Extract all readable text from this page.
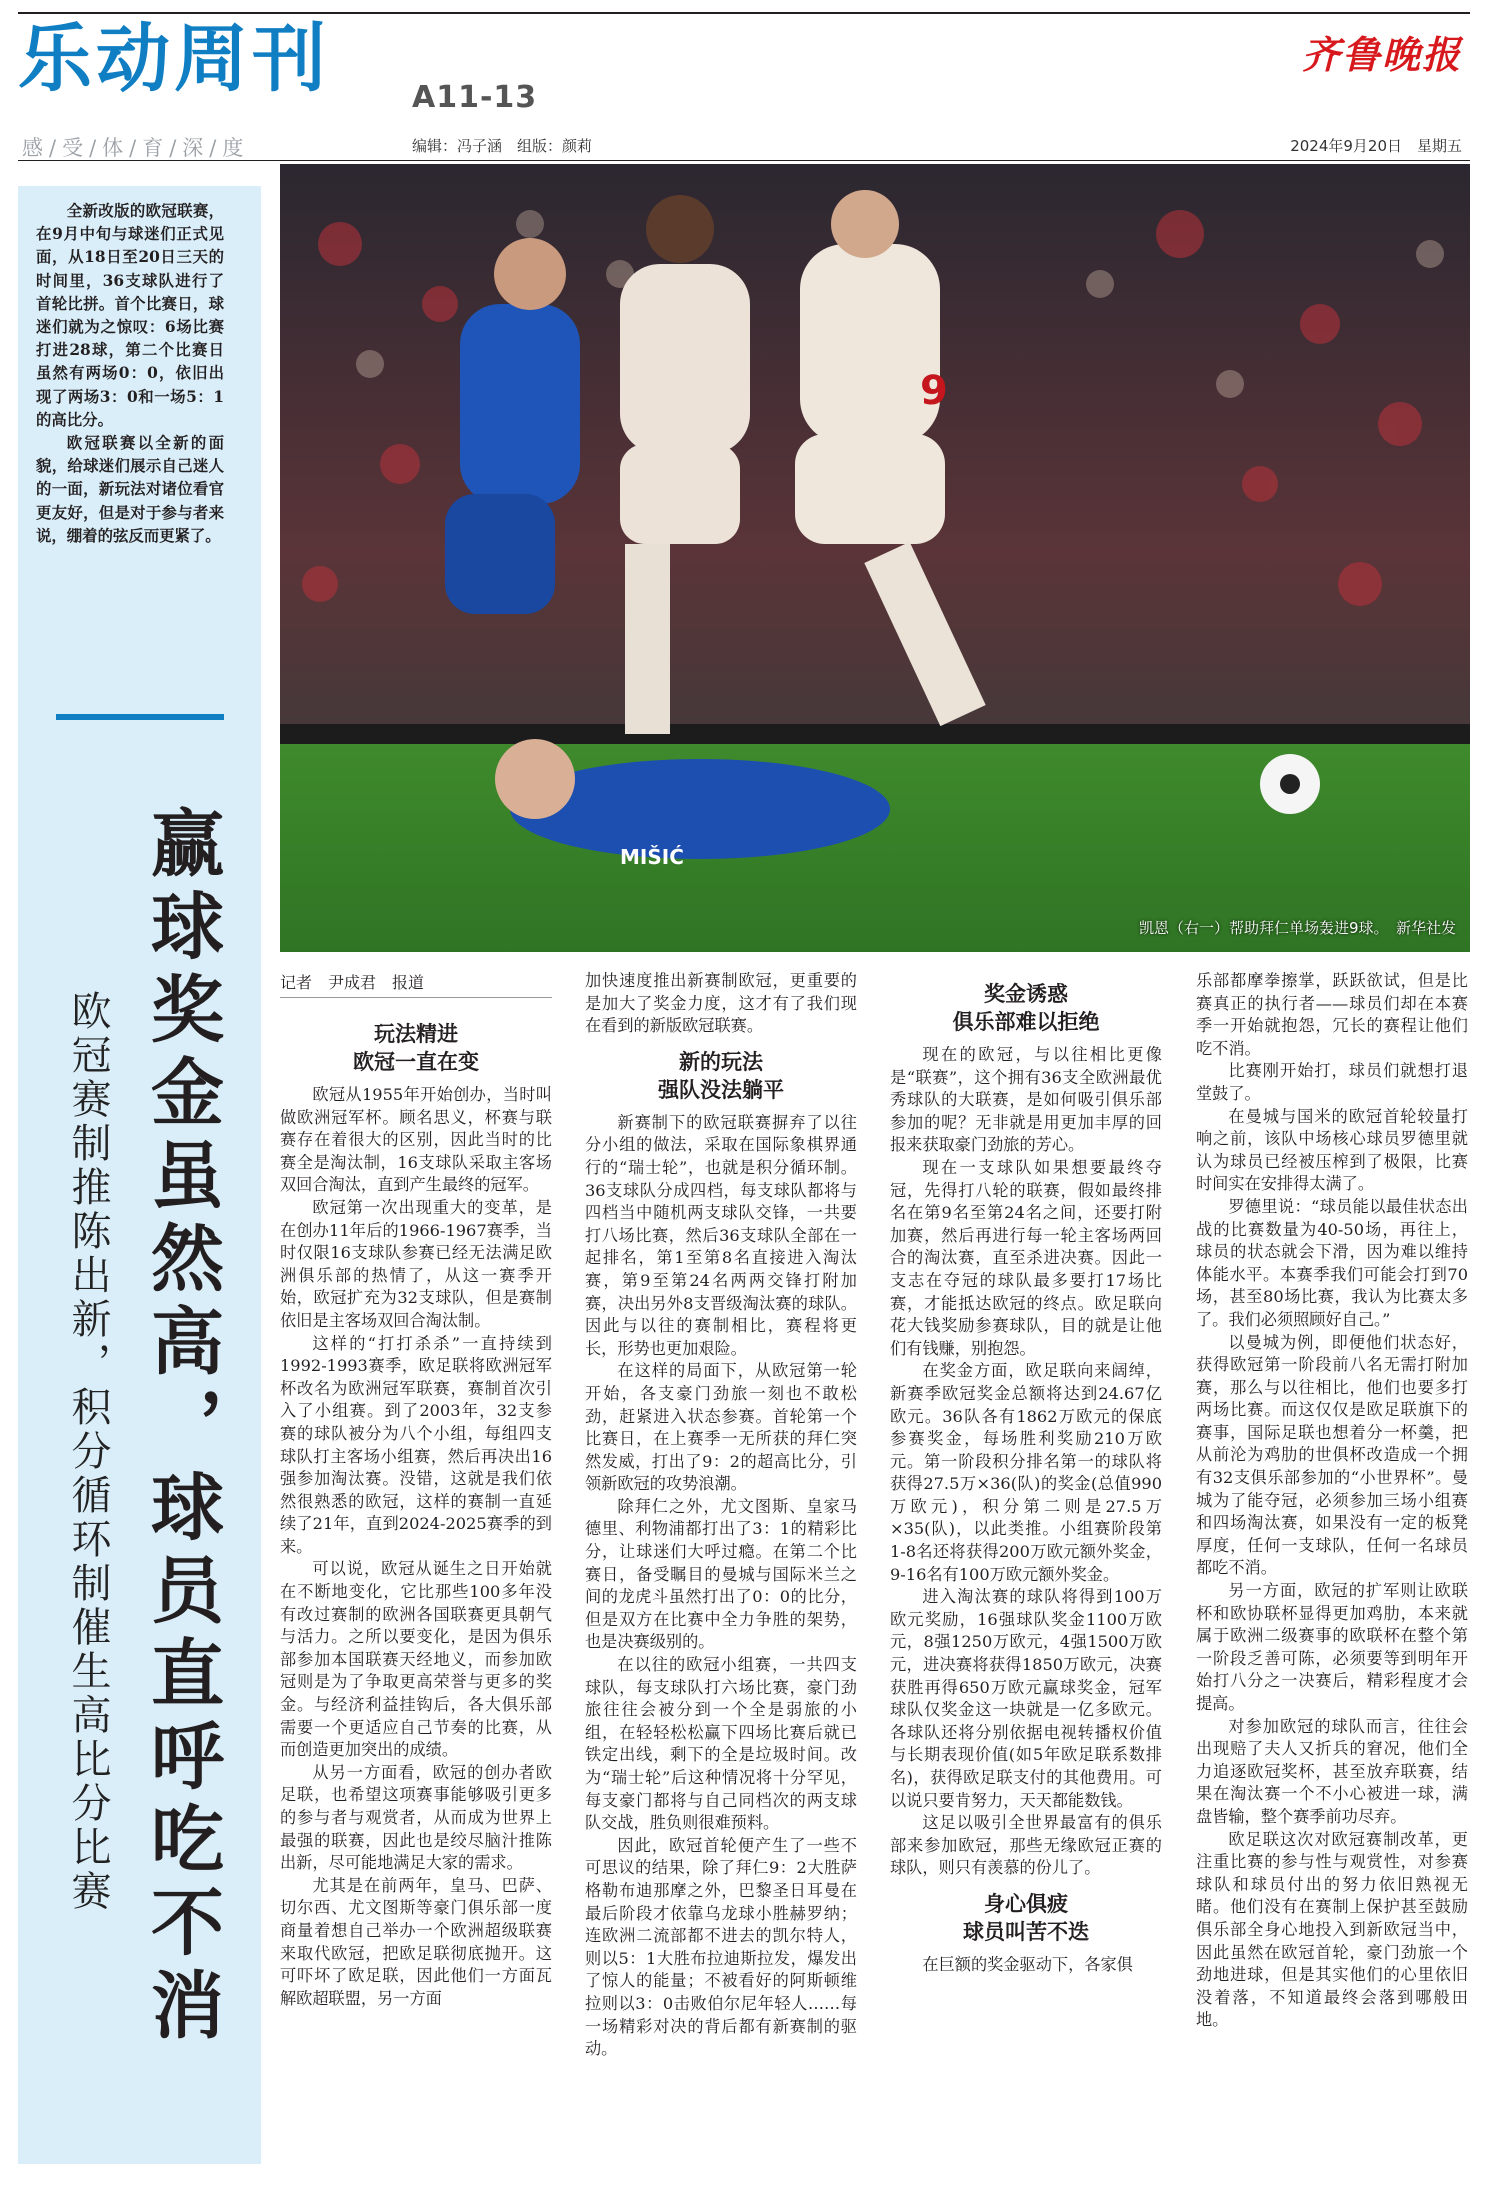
乐动周刊	A11-13
感/受/体/育/深/度	编辑：冯子涵　组版：颜莉
齐鲁晚报
2024年9月20日　星期五

全新改版的欧冠联赛，在9月中旬与球迷们正式见面，从18日至20日三天的时间里，36支球队进行了首轮比拼。首个比赛日，球迷们就为之惊叹：6场比赛打进28球，第二个比赛日虽然有两场0：0，依旧出现了两场3：0和一场5：1的高比分。

欧冠联赛以全新的面貌，给球迷们展示自己迷人的一面，新玩法对诸位看官更友好，但是对于参与者来说，绷着的弦反而更紧了。

赢球奖金虽然高，球员直呼吃不消
欧冠赛制推陈出新，积分循环制催生高比分比赛
MIŠIĆ
9
凯恩（右一）帮助拜仁单场轰进9球。　新华社发
记者　尹成君　报道
玩法精进
欧冠一直在变

欧冠从1955年开始创办，当时叫做欧洲冠军杯。顾名思义，杯赛与联赛存在着很大的区别，因此当时的比赛全是淘汰制，16支球队采取主客场双回合淘汰，直到产生最终的冠军。

欧冠第一次出现重大的变革，是在创办11年后的1966-1967赛季，当时仅限16支球队参赛已经无法满足欧洲俱乐部的热情了，从这一赛季开始，欧冠扩充为32支球队，但是赛制依旧是主客场双回合淘汰制。

这样的“打打杀杀”一直持续到1992-1993赛季，欧足联将欧洲冠军杯改名为欧洲冠军联赛，赛制首次引入了小组赛。到了2003年，32支参赛的球队被分为八个小组，每组四支球队打主客场小组赛，然后再决出16强参加淘汰赛。没错，这就是我们依然很熟悉的欧冠，这样的赛制一直延续了21年，直到2024-2025赛季的到来。

可以说，欧冠从诞生之日开始就在不断地变化，它比那些100多年没有改过赛制的欧洲各国联赛更具朝气与活力。之所以要变化，是因为俱乐部参加本国联赛天经地义，而参加欧冠则是为了争取更高荣誉与更多的奖金。与经济利益挂钩后，各大俱乐部需要一个更适应自己节奏的比赛，从而创造更加突出的成绩。

从另一方面看，欧冠的创办者欧足联，也希望这项赛事能够吸引更多的参与者与观赏者，从而成为世界上最强的联赛，因此也是绞尽脑汁推陈出新，尽可能地满足大家的需求。

尤其是在前两年，皇马、巴萨、切尔西、尤文图斯等豪门俱乐部一度商量着想自己举办一个欧洲超级联赛来取代欧冠，把欧足联彻底抛开。这可吓坏了欧足联，因此他们一方面瓦解欧超联盟，另一方面

加快速度推出新赛制欧冠，更重要的是加大了奖金力度，这才有了我们现在看到的新版欧冠联赛。

新的玩法
强队没法躺平

新赛制下的欧冠联赛摒弃了以往分小组的做法，采取在国际象棋界通行的“瑞士轮”，也就是积分循环制。36支球队分成四档，每支球队都将与四档当中随机两支球队交锋，一共要打八场比赛，然后36支球队全部在一起排名，第1至第8名直接进入淘汰赛，第9至第24名两两交锋打附加赛，决出另外8支晋级淘汰赛的球队。因此与以往的赛制相比，赛程将更长，形势也更加艰险。

在这样的局面下，从欧冠第一轮开始，各支豪门劲旅一刻也不敢松劲，赶紧进入状态参赛。首轮第一个比赛日，在上赛季一无所获的拜仁突然发威，打出了9：2的超高比分，引领新欧冠的攻势浪潮。

除拜仁之外，尤文图斯、皇家马德里、利物浦都打出了3：1的精彩比分，让球迷们大呼过瘾。在第二个比赛日，备受瞩目的曼城与国际米兰之间的龙虎斗虽然打出了0：0的比分，但是双方在比赛中全力争胜的架势，也是决赛级别的。

在以往的欧冠小组赛，一共四支球队，每支球队打六场比赛，豪门劲旅往往会被分到一个全是弱旅的小组，在轻轻松松赢下四场比赛后就已铁定出线，剩下的全是垃圾时间。改为“瑞士轮”后这种情况将十分罕见，每支豪门都将与自己同档次的两支球队交战，胜负则很难预料。

因此，欧冠首轮便产生了一些不可思议的结果，除了拜仁9：2大胜萨格勒布迪那摩之外，巴黎圣日耳曼在最后阶段才依靠乌龙球小胜赫罗纳；连欧洲二流部都不进去的凯尔特人，则以5：1大胜布拉迪斯拉发，爆发出了惊人的能量；不被看好的阿斯顿维拉则以3：0击败伯尔尼年轻人……每一场精彩对决的背后都有新赛制的驱动。

奖金诱惑
俱乐部难以拒绝

现在的欧冠，与以往相比更像是“联赛”，这个拥有36支全欧洲最优秀球队的大联赛，是如何吸引俱乐部参加的呢？无非就是用更加丰厚的回报来获取豪门劲旅的芳心。

现在一支球队如果想要最终夺冠，先得打八轮的联赛，假如最终排名在第9名至第24名之间，还要打附加赛，然后再进行每一轮主客场两回合的淘汰赛，直至杀进决赛。因此一支志在夺冠的球队最多要打17场比赛，才能抵达欧冠的终点。欧足联向花大钱奖励参赛球队，目的就是让他们有钱赚，别抱怨。

在奖金方面，欧足联向来阔绰，新赛季欧冠奖金总额将达到24.67亿欧元。36队各有1862万欧元的保底参赛奖金，每场胜利奖励210万欧元。第一阶段积分排名第一的球队将获得27.5万×36(队)的奖金(总值990万欧元)，积分第二则是27.5万×35(队)，以此类推。小组赛阶段第1-8名还将获得200万欧元额外奖金，9-16名有100万欧元额外奖金。

进入淘汰赛的球队将得到100万欧元奖励，16强球队奖金1100万欧元，8强1250万欧元，4强1500万欧元，进决赛将获得1850万欧元，决赛获胜再得650万欧元赢球奖金，冠军球队仅奖金这一块就是一亿多欧元。各球队还将分别依据电视转播权价值与长期表现价值(如5年欧足联系数排名)，获得欧足联支付的其他费用。可以说只要肯努力，天天都能数钱。

这足以吸引全世界最富有的俱乐部来参加欧冠，那些无缘欧冠正赛的球队，则只有羡慕的份儿了。

身心俱疲
球员叫苦不迭

在巨额的奖金驱动下，各家俱

乐部都摩拳擦掌，跃跃欲试，但是比赛真正的执行者——球员们却在本赛季一开始就抱怨，冗长的赛程让他们吃不消。

比赛刚开始打，球员们就想打退堂鼓了。

在曼城与国米的欧冠首轮较量打响之前，该队中场核心球员罗德里就认为球员已经被压榨到了极限，比赛时间实在安排得太满了。

罗德里说：“球员能以最佳状态出战的比赛数量为40-50场，再往上，球员的状态就会下滑，因为难以维持体能水平。本赛季我们可能会打到70场，甚至80场比赛，我认为比赛太多了。我们必须照顾好自己。”

以曼城为例，即便他们状态好，获得欧冠第一阶段前八名无需打附加赛，那么与以往相比，他们也要多打两场比赛。而这仅仅是欧足联旗下的赛事，国际足联也想着分一杯羹，把从前沦为鸡肋的世俱杯改造成一个拥有32支俱乐部参加的“小世界杯”。曼城为了能夺冠，必须参加三场小组赛和四场淘汰赛，如果没有一定的板凳厚度，任何一支球队，任何一名球员都吃不消。

另一方面，欧冠的扩军则让欧联杯和欧协联杯显得更加鸡肋，本来就属于欧洲二级赛事的欧联杯在整个第一阶段乏善可陈，必须要等到明年开始打八分之一决赛后，精彩程度才会提高。

对参加欧冠的球队而言，往往会出现赔了夫人又折兵的窘况，他们全力追逐欧冠奖杯，甚至放弃联赛，结果在淘汰赛一个不小心被进一球，满盘皆输，整个赛季前功尽弃。

欧足联这次对欧冠赛制改革，更注重比赛的参与性与观赏性，对参赛球队和球员付出的努力依旧熟视无睹。他们没有在赛制上保护甚至鼓励俱乐部全身心地投入到新欧冠当中，因此虽然在欧冠首轮，豪门劲旅一个劲地进球，但是其实他们的心里依旧没着落，不知道最终会落到哪般田地。
